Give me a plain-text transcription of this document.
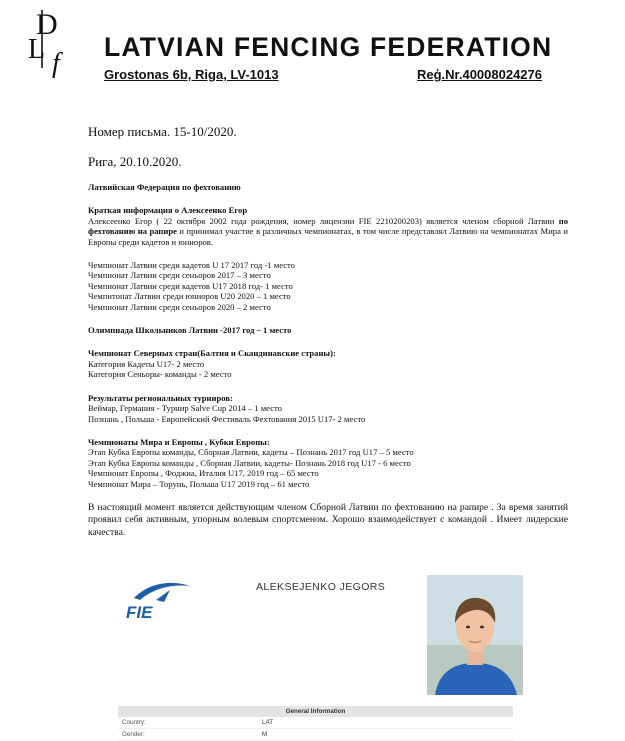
D
L f
LATVIAN FENCING FEDERATION
Grostonas 6b, Riga, LV-1013	Reģ.Nr.40008024276
Номер письма. 15-10/2020.
Рига, 20.10.2020.

Латвийская Федерация по фехтованию

Краткая информация о Алексеенко Егор

Алексеенко Егор ( 22 октября 2002 года рождения, номер лицензии FIE 2210200203) является членом сборной Латвии по фехтованию на рапире и принимал участие в различных чемпионатах, в том числе представлял Латвию на чемпионатах Мира и Европы среди кадетов и юниоров.

Чемпионат Латвии среди кадетов U 17 2017 год -1 место

Чемпионат Латвии среди сеньоров 2017 – 3 место

Чемпионат Латвии среди кадетов U17 2018 год- 1 место

Чемпитонат Латвии среди юниоров U20 2020 – 1 место

Чемпионат Латвии среди сеньоров 2020 – 2 место

Олимпиада Школьников Латвии -2017 год – 1 место

Чемпионат Северных стран(Балтия и Скандинавские страны):

Категория Кадеты U17- 2 место

Категория Сеньоры- команды - 2 место

Результаты региональных турниров:

Веймар, Германия - Турнир Salve Cup 2014 – 1 место

Познань , Польша - Европейский Фестиваль Фехтования 2015 U17- 2 место

Чемпионаты Мира и Европы , Кубки Европы:

Этап Кубка Европы команды, Сборная Латвии, кадеты – Познань 2017 год U17 – 5 место

Этап Кубка Европы команды , Сборная Латвии, кадеты- Познань 2018 год U17 - 6 место

Чемпионат Европы , Фоджиа, Италия U17, 2019 год – 65 место

Чемпионат Мира – Торунь, Польша U17 2019 год – 61 место

В настоящий момент является действующим членом Сборной Латвии по фехтованию на рапире . За время занятий проявил себя активным, упорным волевым спортсменом. Хорошо взаимодействует с командой . Имеет лидерские качества.

FIE
ALEKSEJENKO JEGORS
General Information
Country:	LAT
Gender:	M
